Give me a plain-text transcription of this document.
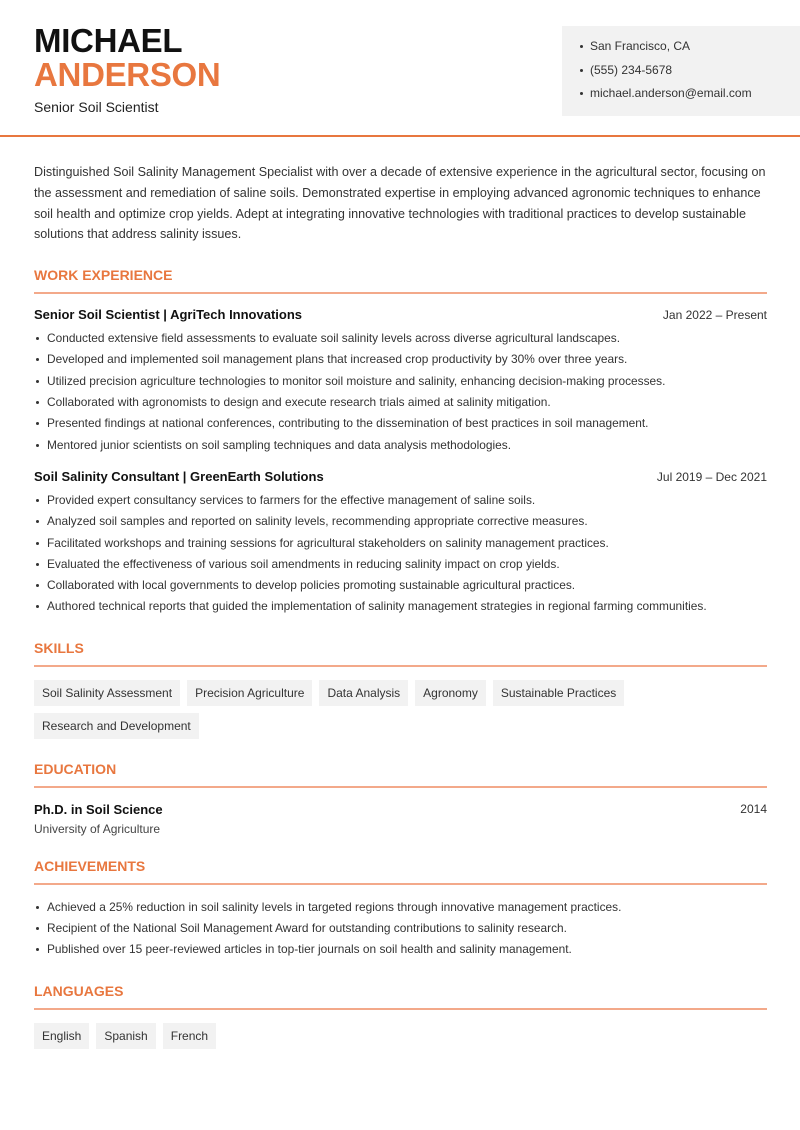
MICHAEL
ANDERSON
Senior Soil Scientist
San Francisco, CA
(555) 234-5678
michael.anderson@email.com

Distinguished Soil Salinity Management Specialist with over a decade of extensive experience in the agricultural sector, focusing on the assessment and remediation of saline soils. Demonstrated expertise in employing advanced agronomic techniques to enhance soil health and optimize crop yields. Adept at integrating innovative technologies with traditional practices to develop sustainable solutions that address salinity issues.

WORK EXPERIENCE
Senior Soil Scientist | AgriTech Innovations	Jan 2022 – Present
Conducted extensive field assessments to evaluate soil salinity levels across diverse agricultural landscapes.
Developed and implemented soil management plans that increased crop productivity by 30% over three years.
Utilized precision agriculture technologies to monitor soil moisture and salinity, enhancing decision-making processes.
Collaborated with agronomists to design and execute research trials aimed at salinity mitigation.
Presented findings at national conferences, contributing to the dissemination of best practices in soil management.
Mentored junior scientists on soil sampling techniques and data analysis methodologies.
Soil Salinity Consultant | GreenEarth Solutions	Jul 2019 – Dec 2021
Provided expert consultancy services to farmers for the effective management of saline soils.
Analyzed soil samples and reported on salinity levels, recommending appropriate corrective measures.
Facilitated workshops and training sessions for agricultural stakeholders on salinity management practices.
Evaluated the effectiveness of various soil amendments in reducing salinity impact on crop yields.
Collaborated with local governments to develop policies promoting sustainable agricultural practices.
Authored technical reports that guided the implementation of salinity management strategies in regional farming communities.
SKILLS
Soil Salinity Assessment	Precision Agriculture	Data Analysis	Agronomy	Sustainable Practices
Research and Development
EDUCATION
Ph.D. in Soil Science	2014
University of Agriculture
ACHIEVEMENTS
Achieved a 25% reduction in soil salinity levels in targeted regions through innovative management practices.
Recipient of the National Soil Management Award for outstanding contributions to salinity research.
Published over 15 peer-reviewed articles in top-tier journals on soil health and salinity management.
LANGUAGES
English	Spanish	French
